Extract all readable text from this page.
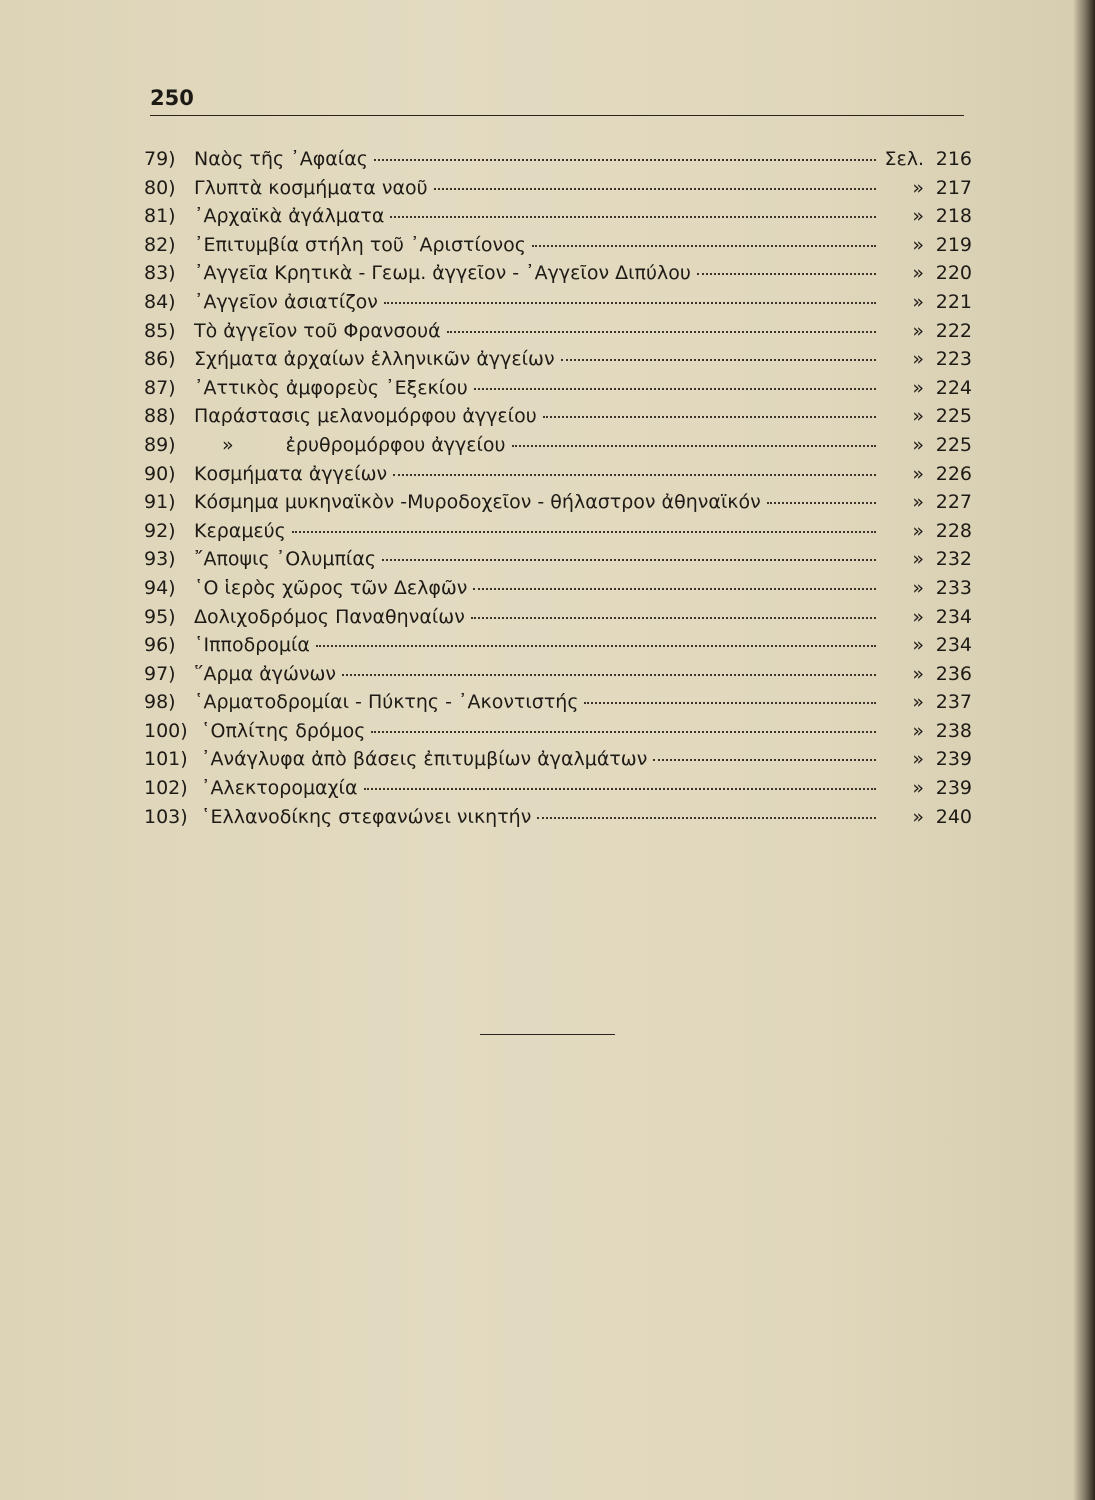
250
79) Ναὸς τῆς ᾿Αφαίας	Σελ. 216
80) Γλυπτὰ κοσμήματα ναοῦ	» 217
81) ᾿Αρχαϊκὰ ἀγάλματα	» 218
82) ᾿Επιτυμβία στήλη τοῦ ᾿Αριστίονος	» 219
83) ᾿Αγγεῖα Κρητικὰ - Γεωμ. ἀγγεῖον - ᾿Αγγεῖον Διπύλου	» 220
84) ᾿Αγγεῖον ἀσιατίζον	» 221
85) Τὸ ἀγγεῖον τοῦ Φρανσουά	» 222
86) Σχήματα ἀρχαίων ἑλληνικῶν ἀγγείων	» 223
87) ᾿Αττικὸς ἀμφορεὺς ᾿Εξεκίου	» 224
88) Παράστασις μελανομόρφου ἀγγείου	» 225
89)	»	ἐρυθρομόρφου ἀγγείου	» 225
90) Κοσμήματα ἀγγείων	» 226
91) Κόσμημα μυκηναϊκὸν -Μυροδοχεῖον - θήλαστρον ἀθηναϊκόν	» 227
92) Κεραμεύς	» 228
93) ῎Αποψις ᾿Ολυμπίας	» 232
94) ῾Ο ἱερὸς χῶρος τῶν Δελφῶν	» 233
95) Δολιχοδρόμος Παναθηναίων	» 234
96) ῾Ιπποδρομία	» 234
97) ῞Αρμα ἀγώνων	» 236
98) ῾Αρματοδρομίαι - Πύκτης - ᾿Ακοντιστής	» 237
100) ῾Οπλίτης δρόμος	» 238
101) ᾿Ανάγλυφα ἀπὸ βάσεις ἐπιτυμβίων ἀγαλμάτων	» 239
102) ᾿Αλεκτορομαχία	» 239
103) ῾Ελλανοδίκης στεφανώνει νικητήν	» 240
